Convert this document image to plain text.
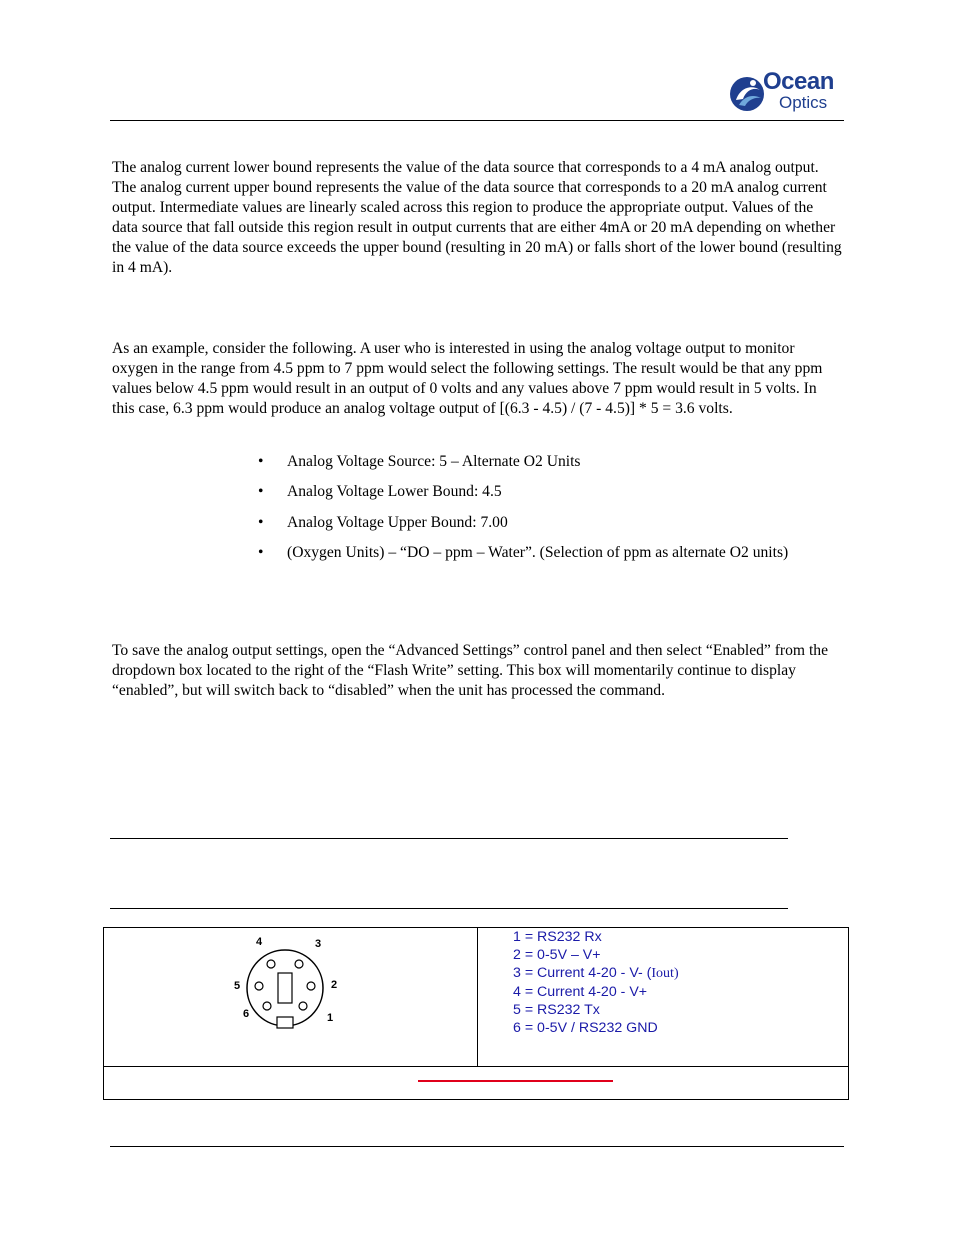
Ocean
Optics

The analog current lower bound represents the value of the data source that corresponds to a 4 mA analog output. The analog current upper bound represents the value of the data source that corresponds to a 20 mA analog current output. Intermediate values are linearly scaled across this region to produce the appropriate output. Values of the data source that fall outside this region result in output currents that are either 4mA or 20 mA depending on whether the value of the data source exceeds the upper bound (resulting in 20 mA) or falls short of the lower bound (resulting in 4 mA).

As an example, consider the following. A user who is interested in using the analog voltage output to monitor oxygen in the range from 4.5 ppm to 7 ppm would select the following settings. The result would be that any ppm values below 4.5 ppm would result in an output of 0 volts and any values above 7 ppm would result in 5 volts. In this case, 6.3 ppm would produce an analog voltage output of [(6.3 - 4.5) / (7 - 4.5)] * 5 = 3.6 volts.

• Analog Voltage Source: 5 – Alternate O2 Units
• Analog Voltage Lower Bound: 4.5
• Analog Voltage Upper Bound: 7.00
• (Oxygen Units) – “DO – ppm – Water”. (Selection of ppm as alternate O2 units)

To save the analog output settings, open the “Advanced Settings” control panel and then select “Enabled” from the dropdown box located to the right of the “Flash Write” setting. This box will momentarily continue to display “enabled”, but will switch back to “disabled” when the unit has processed the command.

1
2
3
4
5
6
1 = RS232 Rx
2 = 0-5V – V+
3 = Current 4-20 - V- (Iout)
4 = Current 4-20 - V+
5 = RS232 Tx
6 = 0-5V / RS232 GND
